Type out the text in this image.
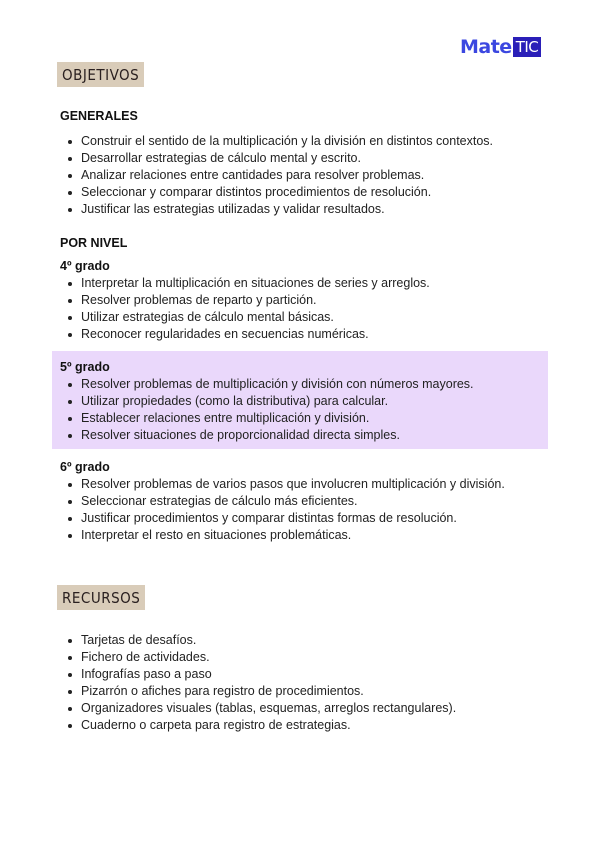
Mate TIC
OBJETIVOS
GENERALES
Construir el sentido de la multiplicación y la división en distintos contextos.
Desarrollar estrategias de cálculo mental y escrito.
Analizar relaciones entre cantidades para resolver problemas.
Seleccionar y comparar distintos procedimientos de resolución.
Justificar las estrategias utilizadas y validar resultados.
POR NIVEL
4º grado
Interpretar la multiplicación en situaciones de series y arreglos.
Resolver problemas de reparto y partición.
Utilizar estrategias de cálculo mental básicas.
Reconocer regularidades en secuencias numéricas.
5º grado
Resolver problemas de multiplicación y división con números mayores.
Utilizar propiedades (como la distributiva) para calcular.
Establecer relaciones entre multiplicación y división.
Resolver situaciones de proporcionalidad directa simples.
6º grado
Resolver problemas de varios pasos que involucren multiplicación y división.
Seleccionar estrategias de cálculo más eficientes.
Justificar procedimientos y comparar distintas formas de resolución.
Interpretar el resto en situaciones problemáticas.
RECURSOS
Tarjetas de desafíos.
Fichero de actividades.
Infografías paso a paso
Pizarrón o afiches para registro de procedimientos.
Organizadores visuales (tablas, esquemas, arreglos rectangulares).
Cuaderno o carpeta para registro de estrategias.
